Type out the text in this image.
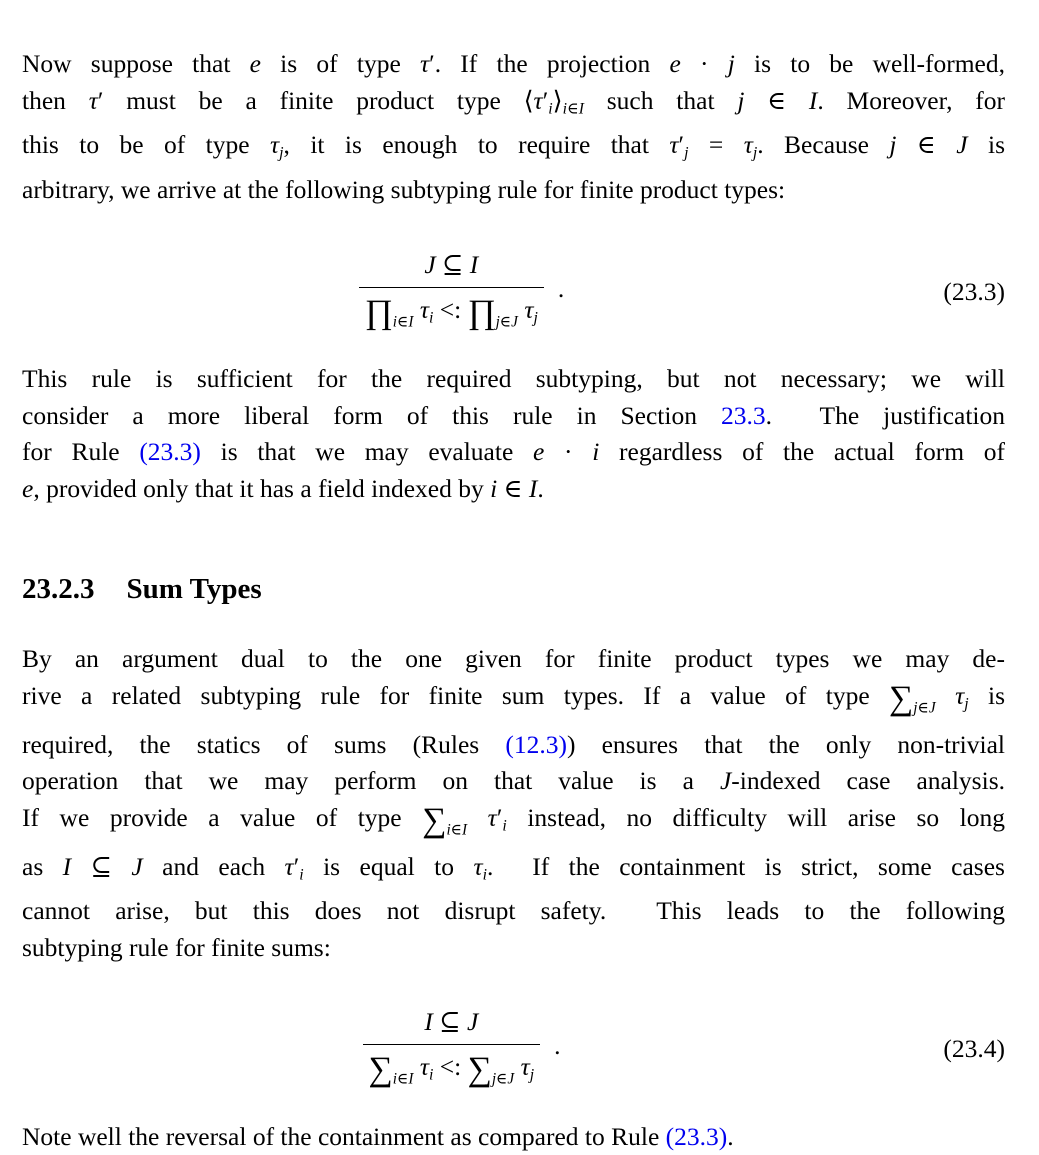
Now suppose that e is of type τ′. If the projection e · j is to be well-formed,
then τ′ must be a finite product type $⟨\tau'_i⟩_{i\in I}$ such that j ∈ I. Moreover, for
this to be of type $\tau_j$, it is enough to require that $\tau'_j = \tau_j$. Because j ∈ J is
arbitrary, we arrive at the following subtyping rule for finite product types:
$\frac{J ⊆ I}{\prod_{i\in I} \tau_i <: \prod_{j\in J} \tau_j}$ .	(23.3)
This rule is sufficient for the required subtyping, but not necessary; we will
consider a more liberal form of this rule in Section 23.3.  The justification
for Rule (23.3) is that we may evaluate e · i regardless of the actual form of
e, provided only that it has a field indexed by i ∈ I.
23.2.3 Sum Types
By an argument dual to the one given for finite product types we may de-
rive a related subtyping rule for finite sum types. If a value of type $\sum_{j\in J}$ $\tau_j$ is
required, the statics of sums (Rules (12.3)) ensures that the only non-trivial
operation that we may perform on that value is a J-indexed case analysis.
If we provide a value of type $\sum_{i\in I}$ $\tau'_i$ instead, no difficulty will arise so long
as I ⊆ J and each $\tau'_i$ is equal to $\tau_i$.  If the containment is strict, some cases
cannot arise, but this does not disrupt safety.  This leads to the following
subtyping rule for finite sums:
$\frac{I ⊆ J}{\sum_{i\in I} \tau_i <: \sum_{j\in J} \tau_j}$ .	(23.4)
Note well the reversal of the containment as compared to Rule (23.3).
